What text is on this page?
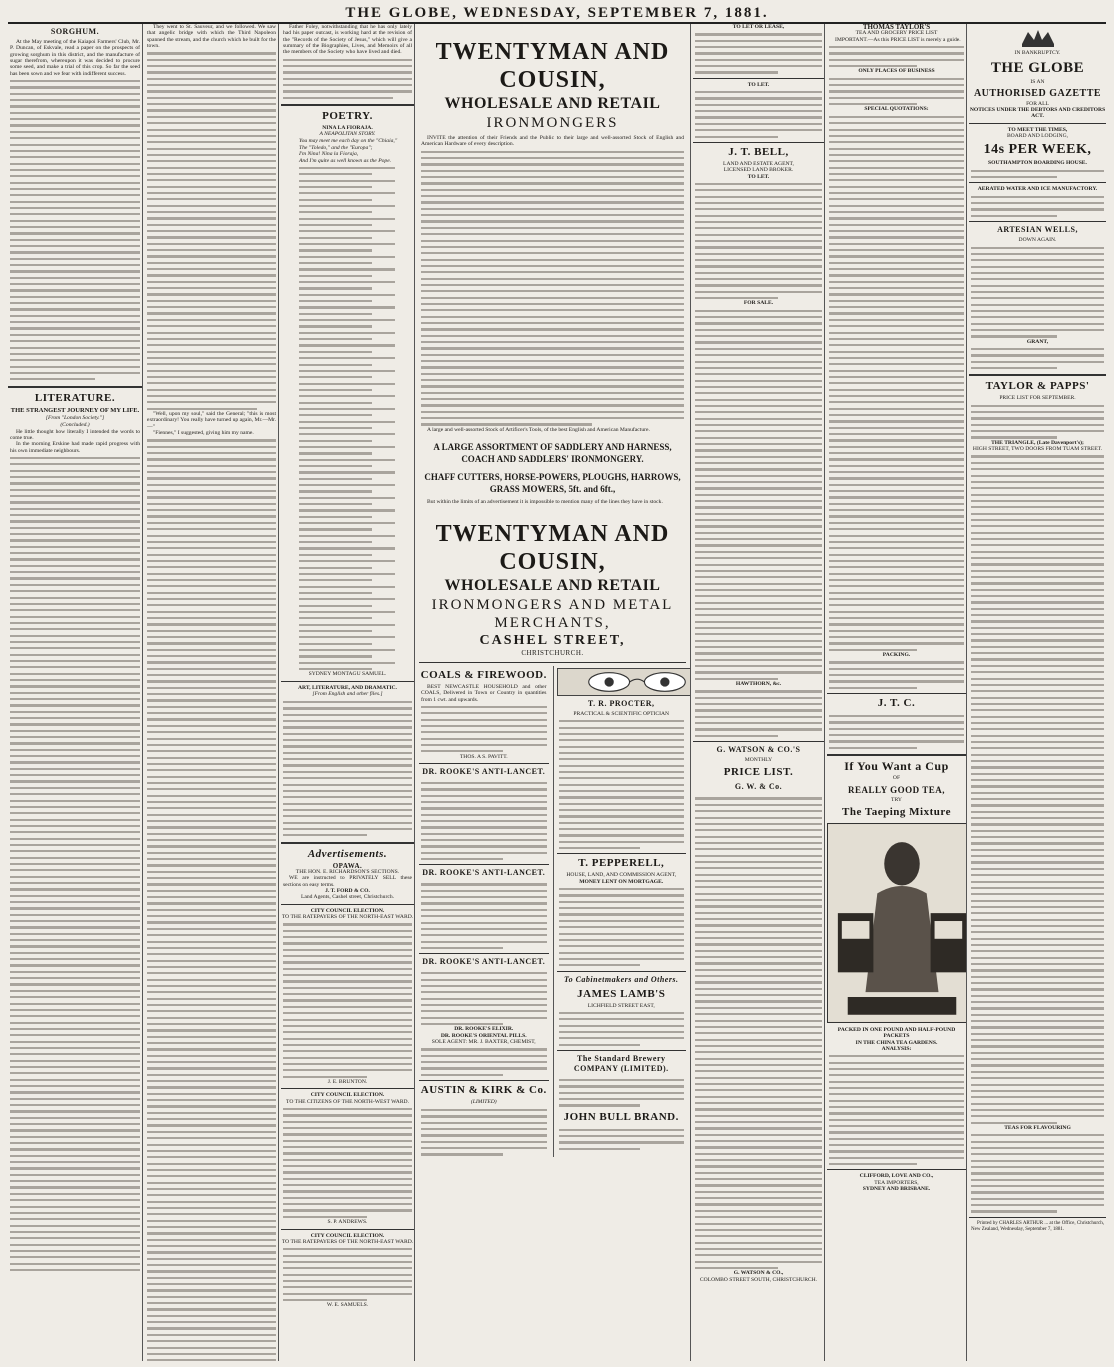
THE GLOBE, WEDNESDAY, SEPTEMBER 7, 1881.
SORGHUM.
At the May meeting of the Kaiapoi Farmers' Club, Mr. P. Duncan, of Eskvale, read a paper on the prospects of growing sorghum in this district, and the manufacture of sugar therefrom, whereupon it was decided to procure some seed, and make a trial of this crop. So far the seed has been sown and we fear with indifferent success.
LITERATURE.
THE STRANGEST JOURNEY OF MY LIFE.
[From "London Society."]
(Concluded.)
He little thought how literally I intended the words to come true.
In the morning Erskine had made rapid progress with his own immediate neighbours.
They went to St. Sauveur, and we followed. We saw that angelic bridge with which the Third Napoleon spanned the stream, and the church which he built for the town.
"Well, upon my soul," said the General; "this is most extraordinary! You really have turned up again, Mr.—Mr.—"
"Fiennes," I suggested, giving him my name.
Father Foley, notwithstanding that he has only lately had his paper outcast, is working hard at the revision of the "Records of the Society of Jesus," which will give a summary of the Biographies, Lives, and Memoirs of all the members of the Society who have lived and died.
POETRY.
NINA LA FIORAJA.
A NEAPOLITAN STORY.
You may meet me each day on the "Chiaia,"
The "Toledo," and the "Europa";
I'm Nina! Nina la Fioraja,
And I'm quite as well known as the Pope.
SYDNEY MONTAGU SAMUEL.
ART, LITERATURE, AND DRAMATIC.
[From English and other files.]
Advertisements.
OPAWA.
THE HON. E. RICHARDSON'S SECTIONS.
WE are instructed to PRIVATELY SELL these sections on easy terms.
J. T. FORD & CO.
Land Agents, Cashel street, Christchurch.
CITY COUNCIL ELECTION.
TO THE RATEPAYERS OF THE NORTH-EAST WARD.
J. E. BRUNTON.
CITY COUNCIL ELECTION.
TO THE CITIZENS OF THE NORTH-WEST WARD.
S. P. ANDREWS.
CITY COUNCIL ELECTION.
TO THE RATEPAYERS OF THE NORTH-EAST WARD.
W. E. SAMUELS.
TWENTYMAN AND COUSIN,
WHOLESALE AND RETAIL
IRONMONGERS
INVITE the attention of their Friends and the Public to their large and well-assorted Stock of English and American Hardware of every description.
A large and well-assorted Stock of Artificer's Tools, of the best English and American Manufacture.
A LARGE ASSORTMENT OF SADDLERY AND HARNESS, COACH AND SADDLERS' IRONMONGERY.
CHAFF CUTTERS, HORSE-POWERS, PLOUGHS, HARROWS, GRASS MOWERS, 5ft. and 6ft.,
But within the limits of an advertisement it is impossible to mention many of the lines they have in stock.
TWENTYMAN AND COUSIN,
WHOLESALE AND RETAIL
IRONMONGERS AND METAL MERCHANTS,
CASHEL STREET,
CHRISTCHURCH.
COALS & FIREWOOD.
BEST NEWCASTLE HOUSEHOLD and other COALS, Delivered in Town or Country in quantities from 1 cwt. and upwards.
THOS. A S. PAVITT.
DR. ROOKE'S ANTI-LANCET.
DR. ROOKE'S ANTI-LANCET.
DR. ROOKE'S ANTI-LANCET.
DR. ROOKE'S ELIXIR.
DR. ROOKE'S ORIENTAL PILLS.
SOLE AGENT: MR. J. BAXTER, CHEMIST,
AUSTIN & KIRK & Co.
(LIMITED)
T. R. PROCTER,
PRACTICAL & SCIENTIFIC OPTICIAN
T. PEPPERELL,
HOUSE, LAND, AND COMMISSION AGENT,
MONEY LENT ON MORTGAGE.
To Cabinetmakers and Others.
JAMES LAMB'S
LICHFIELD STREET EAST,
The Standard Brewery COMPANY (LIMITED).
JOHN BULL BRAND.
TO LET OR LEASE,
TO LET.
J. T. BELL,
LAND AND ESTATE AGENT,
LICENSED LAND BROKER.
TO LET.
FOR SALE.
HAWTHORN, &c.
G. WATSON & CO.'S
MONTHLY
PRICE LIST.
G. W. & Co.
G. WATSON & CO.,
COLOMBO STREET SOUTH, CHRISTCHURCH.
THOMAS TAYLOR'S
TEA AND GROCERY PRICE LIST
IMPORTANT.—As this PRICE LIST is merely a guide.
ONLY PLACES OF BUSINESS
SPECIAL QUOTATIONS:
PACKING.
J. T. C.
If You Want a Cup
OF
REALLY GOOD TEA,
TRY
The Taeping Mixture
PACKED IN ONE POUND AND HALF-POUND PACKETS
IN THE CHINA TEA GARDENS.
ANALYSIS:
CLIFFORD, LOVE AND CO.,
TEA IMPORTERS,
SYDNEY AND BRISBANE.
IN BANKRUPTCY.
THE GLOBE
IS AN
AUTHORISED GAZETTE
FOR ALL
NOTICES UNDER THE DEBTORS AND CREDITORS ACT.
TO MEET THE TIMES,
BOARD AND LODGING,
14s PER WEEK,
SOUTHAMPTON BOARDING HOUSE.
AERATED WATER AND ICE MANUFACTORY.
ARTESIAN WELLS,
DOWN AGAIN.
GRANT,
TAYLOR & PAPPS'
PRICE LIST FOR SEPTEMBER.
THE TRIANGLE, (Late Davenport's);
HIGH STREET, TWO DOORS FROM TUAM STREET.
TEAS FOR FLAVOURING
Printed by CHARLES ARTHUR ... at the Office, Christchurch, New Zealand, Wednesday, September 7, 1881.
